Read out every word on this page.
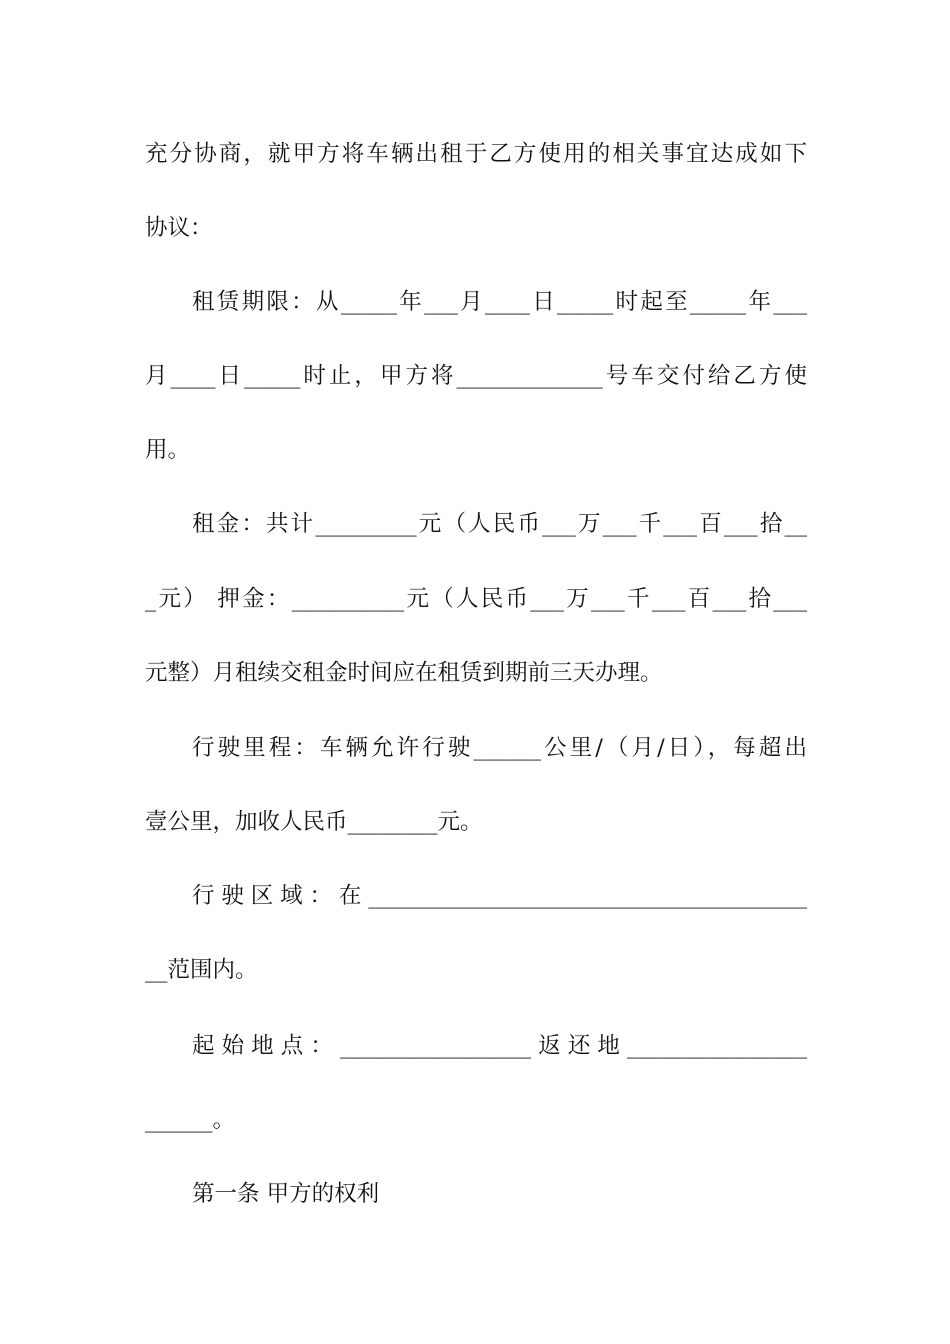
充分协商，就甲方将车辆出租于乙方使用的相关事宜达成如下
协议：
租赁期限：从_____年___月____日_____时起至_____年___
月____日_____时止，甲方将_____________号车交付给乙方使
用。
租金：共计_________元（人民币___万___千___百___拾__
_元） 押金：__________元（人民币___万___千___百___拾___
元整）月租续交租金时间应在租赁到期前三天办理。
行驶里程：车辆允许行驶______公里/（月/日），每超出
壹公里，加收人民币________元。
行驶区域：在_______________________________________
__范围内。
起始地点：_________________返还地________________
______。
第一条 甲方的权利
